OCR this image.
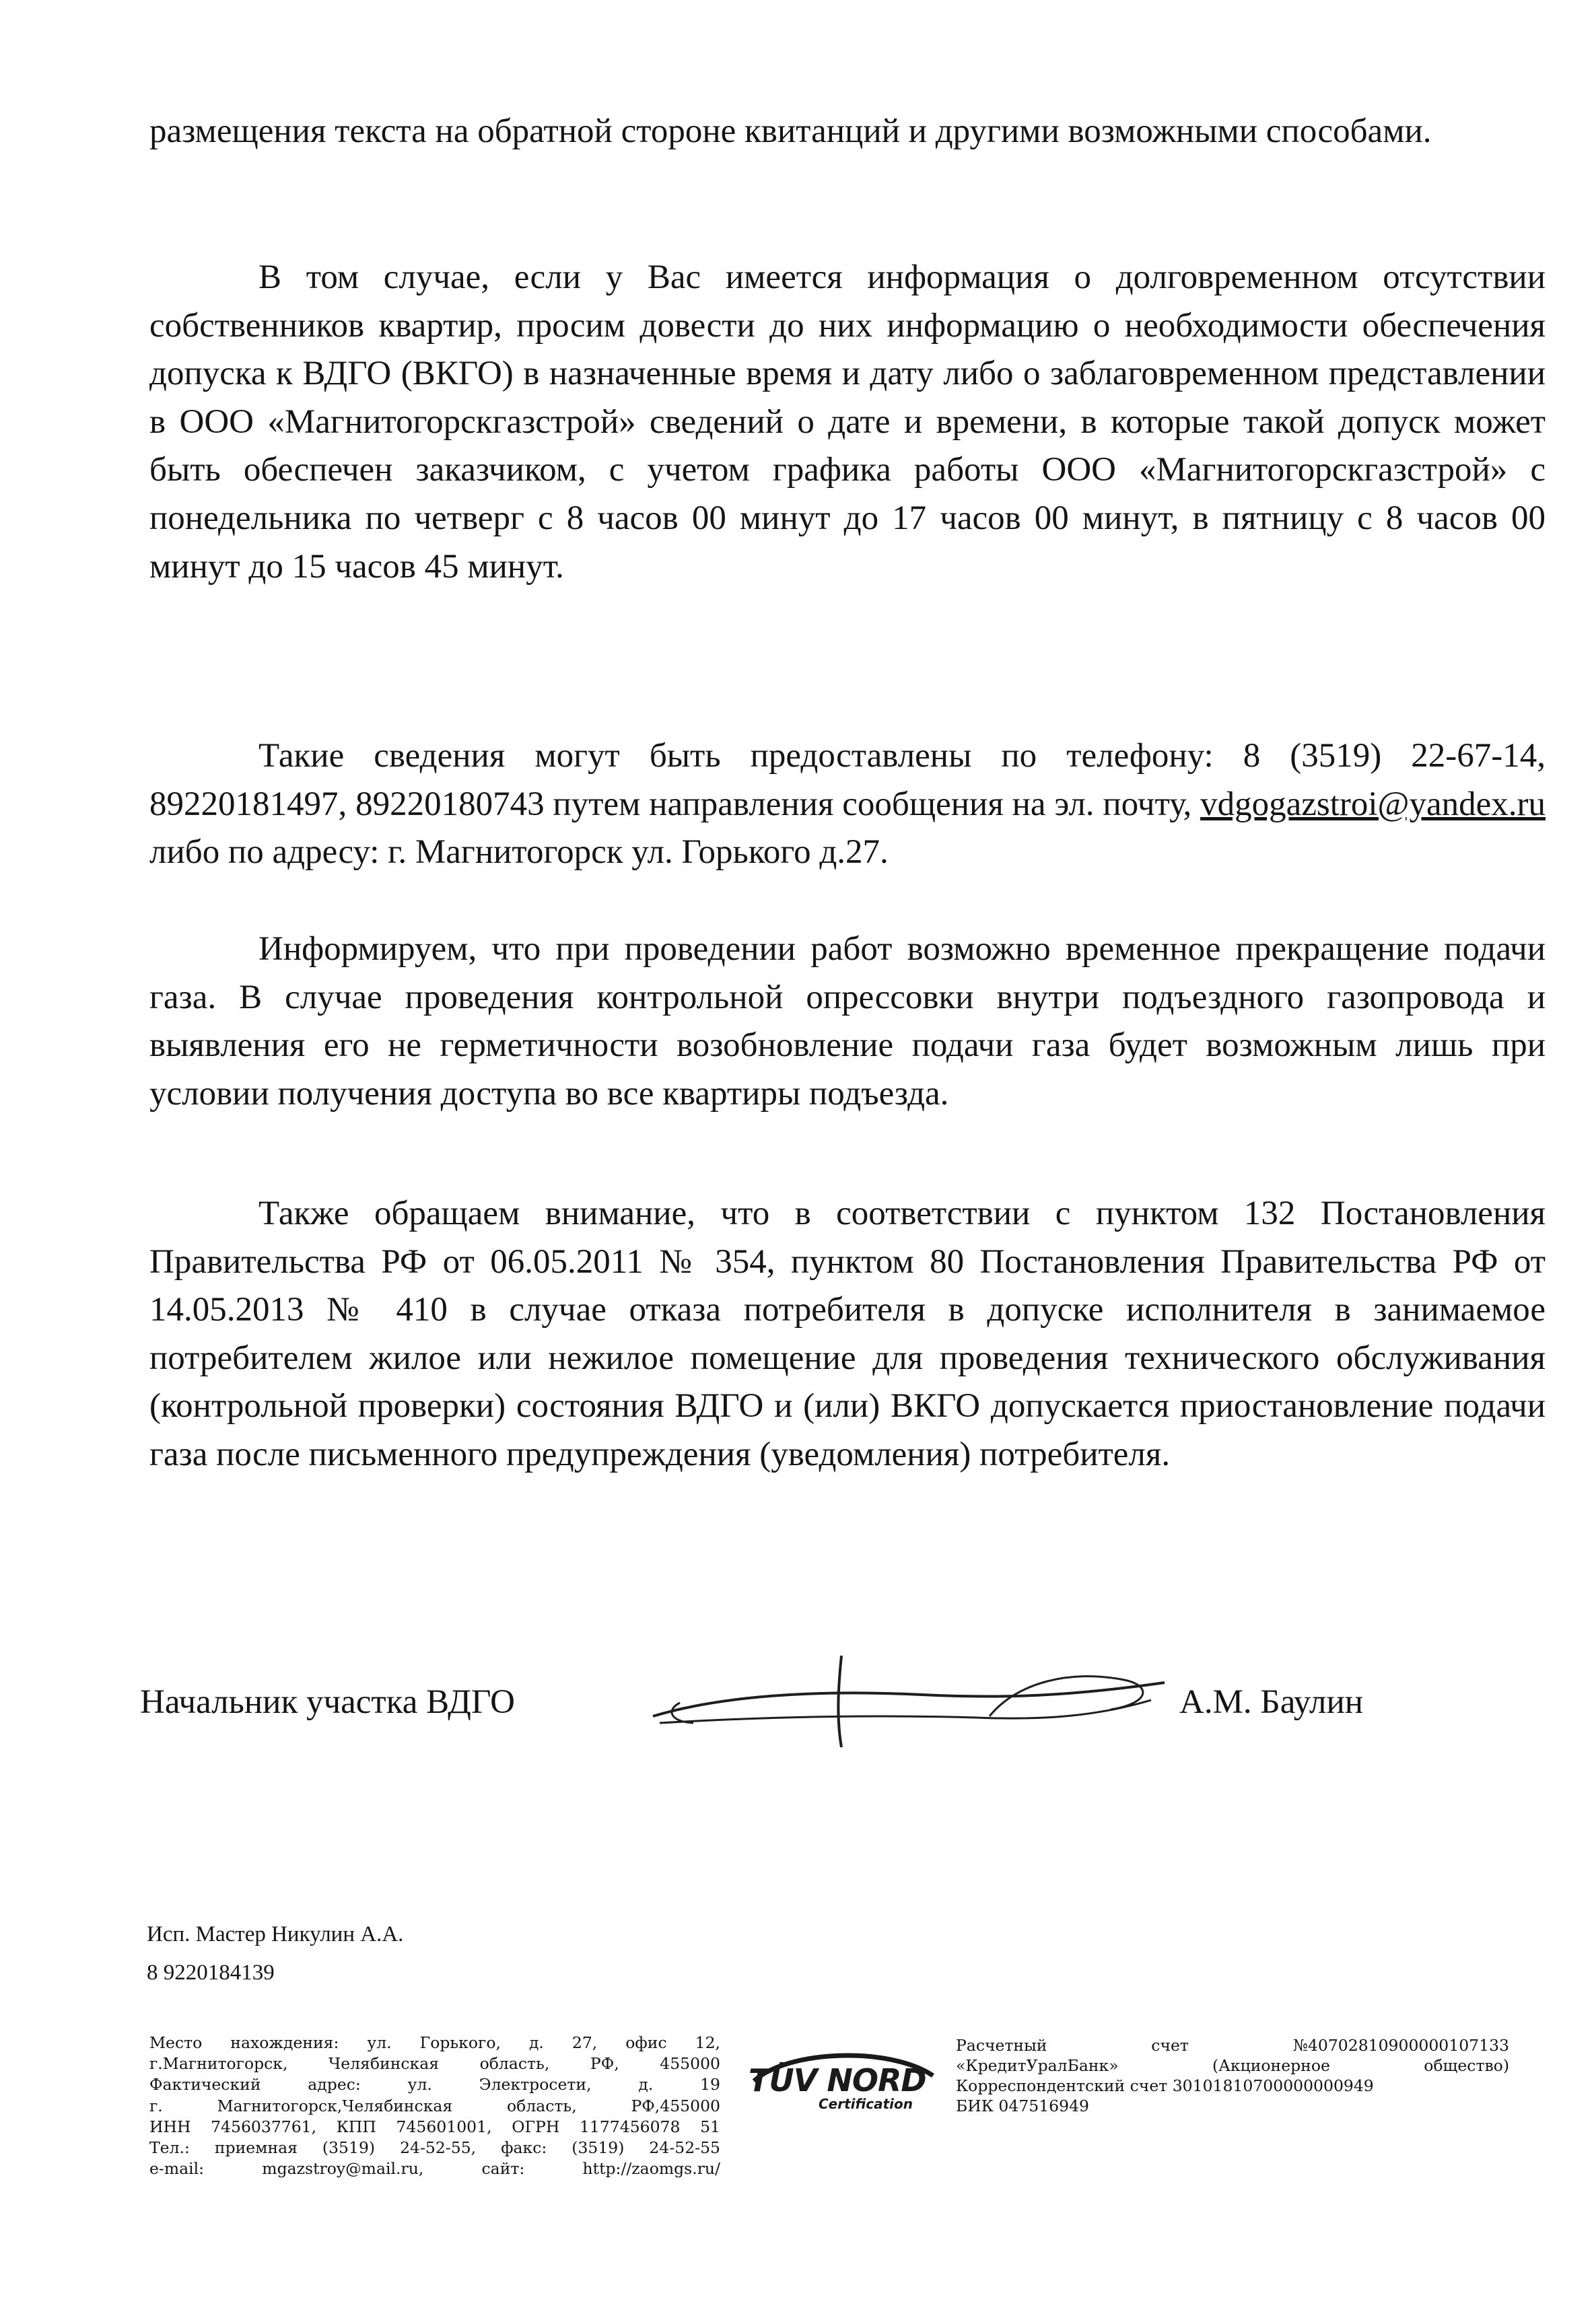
размещения текста на обратной стороне квитанций и другими возможными способами.
В том случае, если у Вас имеется информация о долговременном отсутствии собственников квартир, просим довести до них информацию о необходимости обеспечения допуска к ВДГО (ВКГО) в назначенные время и дату либо о заблаговременном представлении в ООО «Магнитогорскгазстрой» сведений о дате и времени, в которые такой допуск может быть обеспечен заказчиком, с учетом графика работы ООО «Магнитогорскгазстрой» с понедельника по четверг с 8 часов 00 минут до 17 часов 00 минут, в пятницу с 8 часов 00 минут до 15 часов 45 минут.
Такие сведения могут быть предоставлены по телефону: 8 (3519) 22-67-14, 89220181497, 89220180743 путем направления сообщения на эл. почту, vdgogazstroi@yandex.ru либо по адресу: г. Магнитогорск ул. Горького д.27.
Информируем, что при проведении работ возможно временное прекращение подачи газа. В случае проведения контрольной опрессовки внутри подъездного газопровода и выявления его не герметичности возобновление подачи газа будет возможным лишь при условии получения доступа во все квартиры подъезда.
Также обращаем внимание, что в соответствии с пунктом 132 Постановления Правительства РФ от 06.05.2011 № 354, пунктом 80 Постановления Правительства РФ от 14.05.2013 № 410 в случае отказа потребителя в допуске исполнителя в занимаемое потребителем жилое или нежилое помещение для проведения технического обслуживания (контрольной проверки) состояния ВДГО и (или) ВКГО допускается приостановление подачи газа после письменного предупреждения (уведомления) потребителя.
Начальник участка ВДГО	А.М. Баулин
Исп. Мастер Никулин А.А.
8 9220184139
Место нахождения: ул. Горького, д. 27, офис 12,
г.Магнитогорск, Челябинская область, РФ, 455000
Фактический адрес: ул. Электросети, д. 19
г. Магнитогорск,Челябинская область, РФ,455000
ИНН 7456037761, КПП 745601001, ОГРН 1177456078 51
Тел.: приемная (3519) 24-52-55, факс: (3519) 24-52-55
e-mail: mgazstroy@mail.ru, сайт: http://zaomgs.ru/
TÜV NORD
Certification
Расчетный	счет	№40702810900000107133
«КредитУралБанк»	(Акционерное	общество)
Корреспондентский счет 30101810700000000949
БИК 047516949
